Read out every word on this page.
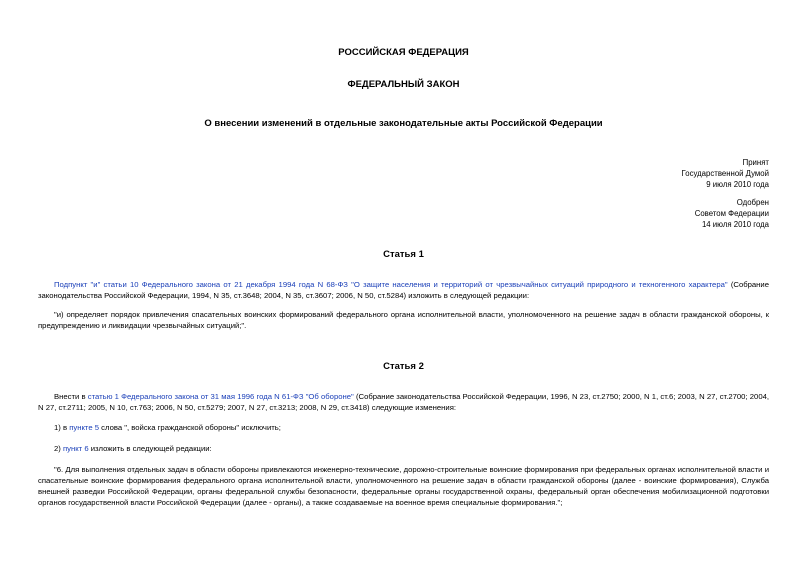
РОССИЙСКАЯ ФЕДЕРАЦИЯ
ФЕДЕРАЛЬНЫЙ ЗАКОН
О внесении изменений в отдельные законодательные акты Российской Федерации
Принят
Государственной Думой
9 июля 2010 года
Одобрен
Советом Федерации
14 июля 2010 года
Статья 1
Подпункт "и" статьи 10 Федерального закона от 21 декабря 1994 года N 68-ФЗ "О защите населения и территорий от чрезвычайных ситуаций природного и техногенного характера" (Собрание законодательства Российской Федерации, 1994, N 35, ст.3648; 2004, N 35, ст.3607; 2006, N 50, ст.5284) изложить в следующей редакции:
"и) определяет порядок привлечения спасательных воинских формирований федерального органа исполнительной власти, уполномоченного на решение задач в области гражданской обороны, к предупреждению и ликвидации чрезвычайных ситуаций;".
Статья 2
Внести в статью 1 Федерального закона от 31 мая 1996 года N 61-ФЗ "Об обороне" (Собрание законодательства Российской Федерации, 1996, N 23, ст.2750; 2000, N 1, ст.6; 2003, N 27, ст.2700; 2004, N 27, ст.2711; 2005, N 10, ст.763; 2006, N 50, ст.5279; 2007, N 27, ст.3213; 2008, N 29, ст.3418) следующие изменения:
1) в пункте 5 слова ", войска гражданской обороны" исключить;
2) пункт 6 изложить в следующей редакции:
"6. Для выполнения отдельных задач в области обороны привлекаются инженерно-технические, дорожно-строительные воинские формирования при федеральных органах исполнительной власти и спасательные воинские формирования федерального органа исполнительной власти, уполномоченного на решение задач в области гражданской обороны (далее - воинские формирования), Служба внешней разведки Российской Федерации, органы федеральной службы безопасности, федеральные органы государственной охраны, федеральный орган обеспечения мобилизационной подготовки органов государственной власти Российской Федерации (далее - органы), а также создаваемые на военное время специальные формирования.";
